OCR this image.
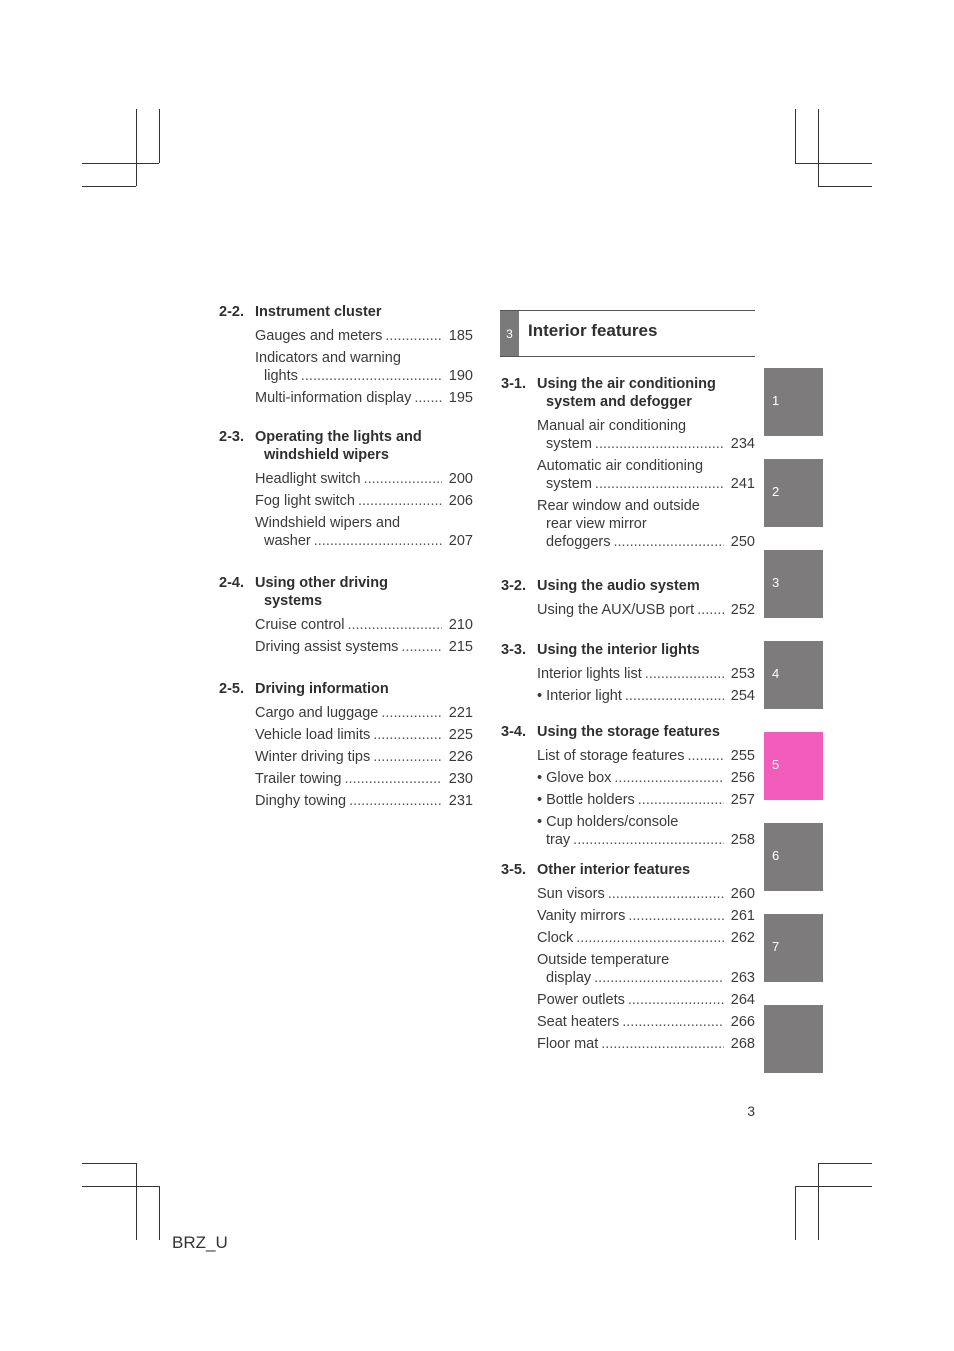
2-2. Instrument cluster
Gauges and meters .....	185
Indicators and warning
lights .....	190
Multi-information display .....	195
2-3. Operating the lights and

windshield wipers
Headlight switch .....	200
Fog light switch .....	206
Windshield wipers and
washer .....	207
2-4. Using other driving

systems
Cruise control .....	210
Driving assist systems .....	215
2-5. Driving information
Cargo and luggage .....	221
Vehicle load limits .....	225
Winter driving tips .....	226
Trailer towing .....	230
Dinghy towing .....	231
3 Interior features
3-1. Using the air conditioning

system and defogger
Manual air conditioning
system .....	234
Automatic air conditioning
system .....	241
Rear window and outside
rear view mirror
defoggers .....	250
3-2. Using the audio system
Using the AUX/USB port .....	252
3-3. Using the interior lights
Interior lights list .....	253
• Interior light .....	254
3-4. Using the storage features
List of storage features .....	255
• Glove box .....	256
• Bottle holders .....	257
• Cup holders/console
tray .....	258
3-5. Other interior features
Sun visors .....	260
Vanity mirrors .....	261
Clock .....	262
Outside temperature
display .....	263
Power outlets .....	264
Seat heaters .....	266
Floor mat .....	268
1
2
3
4
5
6
7
3
BRZ_U
